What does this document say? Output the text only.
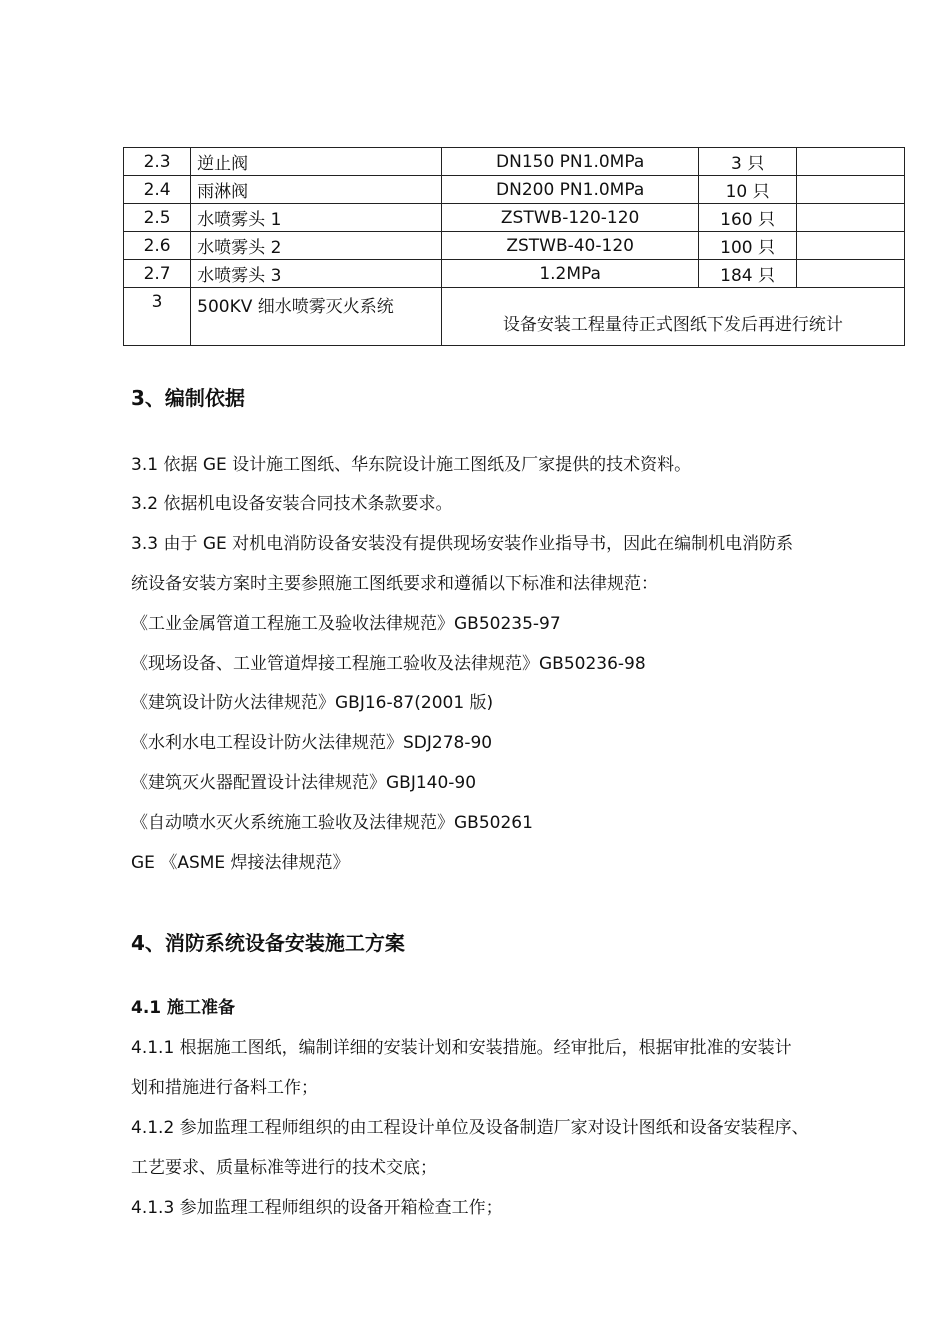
2.3	逆止阀	DN150 PN1.0MPa	3 只	
2.4	雨淋阀	DN200 PN1.0MPa	10 只	
2.5	水喷雾头 1	ZSTWB-120-120	160 只	
2.6	水喷雾头 2	ZSTWB-40-120	100 只	
2.7	水喷雾头 3	1.2MPa	184 只	
3	500KV 细水喷雾灭火系统	设备安装工程量待正式图纸下发后再进行统计		
3、编制依据

3.1 依据 GE 设计施工图纸、华东院设计施工图纸及厂家提供的技术资料。

3.2 依据机电设备安装合同技术条款要求。

3.3 由于 GE 对机电消防设备安装没有提供现场安装作业指导书，因此在编制机电消防系

统设备安装方案时主要参照施工图纸要求和遵循以下标准和法律规范：

《工业金属管道工程施工及验收法律规范》GB50235-97

《现场设备、工业管道焊接工程施工验收及法律规范》GB50236-98

《建筑设计防火法律规范》GBJ16-87(2001 版)

《水利水电工程设计防火法律规范》SDJ278-90

《建筑灭火器配置设计法律规范》GBJ140-90

《自动喷水灭火系统施工验收及法律规范》GB50261

GE 《ASME 焊接法律规范》

4、消防系统设备安装施工方案
4.1 施工准备

4.1.1 根据施工图纸，编制详细的安装计划和安装措施。经审批后，根据审批准的安装计

划和措施进行备料工作；

4.1.2 参加监理工程师组织的由工程设计单位及设备制造厂家对设计图纸和设备安装程序、

工艺要求、质量标准等进行的技术交底；

4.1.3 参加监理工程师组织的设备开箱检查工作；
